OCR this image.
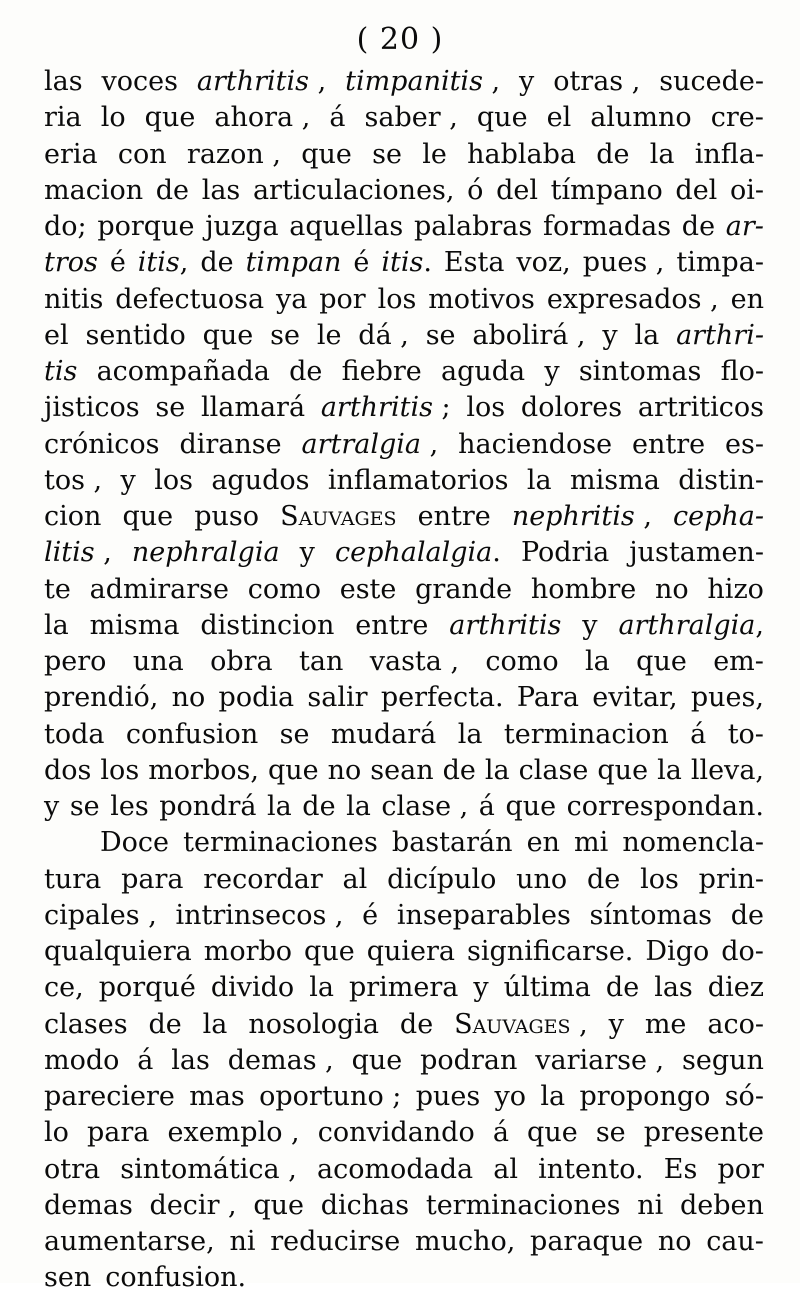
( 20 )
las voces arthritis , timpanitis , y otras , sucede-
ria lo que ahora , á saber , que el alumno cre-
eria con razon , que se le hablaba de la infla-
macion de las articulaciones, ó del tímpano del oi-
do; porque juzga aquellas palabras formadas de ar-
tros é itis, de timpan é itis. Esta voz, pues , timpa-
nitis defectuosa ya por los motivos expresados , en
el sentido que se le dá , se abolirá , y la arthri-
tis acompañada de fiebre aguda y sintomas flo-
jisticos se llamará arthritis ; los dolores artriticos
crónicos diranse artralgia , haciendose entre es-
tos , y los agudos inflamatorios la misma distin-
cion que puso Sauvages entre nephritis , cepha-
litis , nephralgia y cephalalgia. Podria justamen-
te admirarse como este grande hombre no hizo
la misma distincion entre arthritis y arthralgia,
pero una obra tan vasta , como la que em-
prendió, no podia salir perfecta. Para evitar, pues,
toda confusion se mudará la terminacion á to-
dos los morbos, que no sean de la clase que la lleva,
y se les pondrá la de la clase , á que correspondan.
Doce terminaciones bastarán en mi nomencla-
tura para recordar al dicípulo uno de los prin-
cipales , intrinsecos , é inseparables síntomas de
qualquiera morbo que quiera significarse. Digo do-
ce, porqué divido la primera y última de las diez
clases de la nosologia de Sauvages , y me aco-
modo á las demas , que podran variarse , segun
pareciere mas oportuno ; pues yo la propongo só-
lo para exemplo , convidando á que se presente
otra sintomática , acomodada al intento. Es por
demas decir , que dichas terminaciones ni deben
aumentarse, ni reducirse mucho, paraque no cau-
sen confusion.
